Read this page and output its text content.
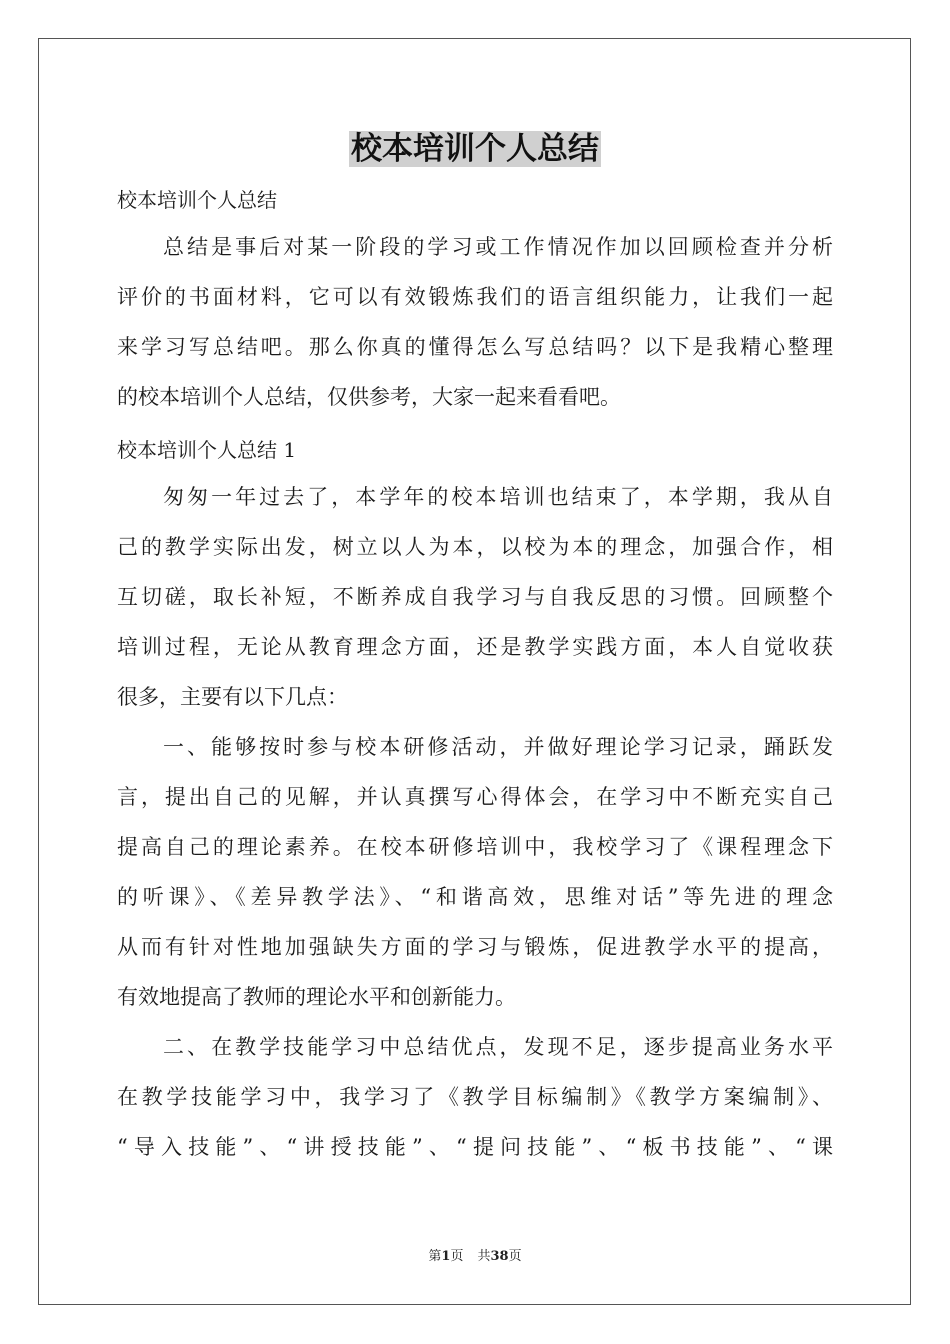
校本培训个人总结
校本培训个人总结
总结是事后对某一阶段的学习或工作情况作加以回顾检查并分析
评价的书面材料，它可以有效锻炼我们的语言组织能力，让我们一起
来学习写总结吧。那么你真的懂得怎么写总结吗？以下是我精心整理
的校本培训个人总结，仅供参考，大家一起来看看吧。
校本培训个人总结 1
匆匆一年过去了，本学年的校本培训也结束了，本学期，我从自
己的教学实际出发，树立以人为本，以校为本的理念，加强合作，相
互切磋，取长补短，不断养成自我学习与自我反思的习惯。回顾整个
培训过程，无论从教育理念方面，还是教学实践方面，本人自觉收获
很多，主要有以下几点：
一、能够按时参与校本研修活动，并做好理论学习记录，踊跃发
言，提出自己的见解，并认真撰写心得体会，在学习中不断充实自己
提高自己的理论素养。在校本研修培训中，我校学习了《课程理念下
的听课》、《差异教学法》、“和谐高效，思维对话”等先进的理念
从而有针对性地加强缺失方面的学习与锻炼，促进教学水平的提高，
有效地提高了教师的理论水平和创新能力。
二、在教学技能学习中总结优点，发现不足，逐步提高业务水平
在教学技能学习中，我学习了《教学目标编制》《教学方案编制》、
“导入技能”、“讲授技能”、“提问技能”、“板书技能”、“课
第1页 共38页
